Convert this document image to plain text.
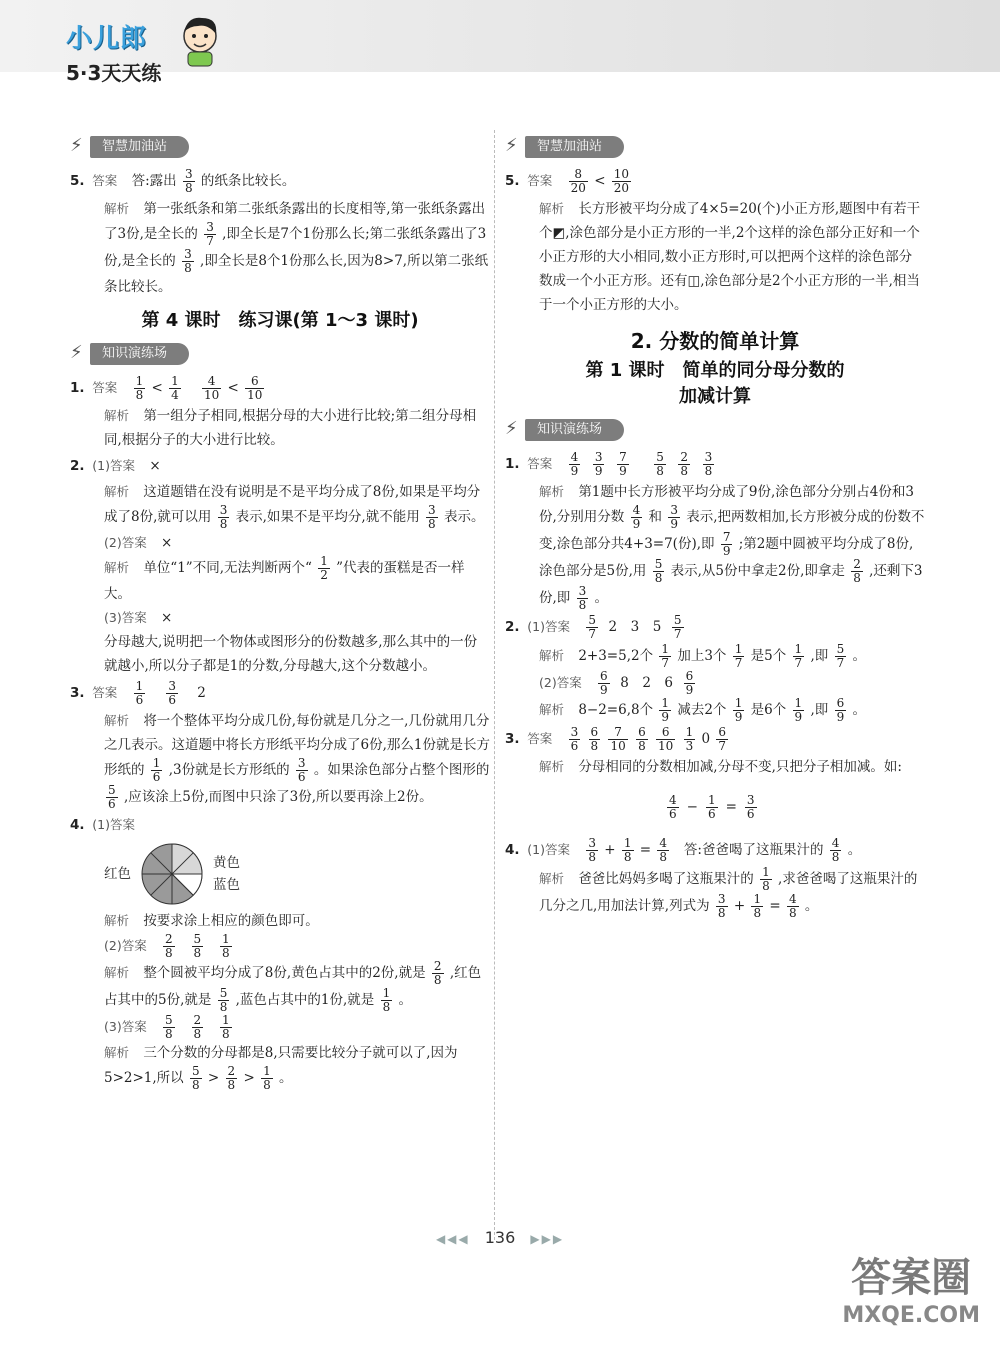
小儿郎
5·3天天练
⚡	智慧加油站
5. 答案 答:露出 $\frac{3}{8}$ 的纸条比较长。
解析 第一张纸条和第二张纸条露出的长度相等,第一张纸条露出了3份,是全长的 $\frac{3}{7}$ ,即全长是7个1份那么长;第二张纸条露出了3份,是全长的 $\frac{3}{8}$ ,即全长是8个1份那么长,因为8>7,所以第二张纸条比较长。
第 4 课时　练习课(第 1～3 课时)
⚡	知识演练场
1. 答案 $\frac{1}{8} < \frac{1}{4}$
$\frac{4}{10} < \frac{6}{10}$
解析 第一组分子相同,根据分母的大小进行比较;第二组分母相同,根据分子的大小进行比较。
2. (1)答案 ×
解析 这道题错在没有说明是不是平均分成了8份,如果是平均分成了8份,就可以用 $\frac{3}{8}$ 表示,如果不是平均分,就不能用 $\frac{3}{8}$ 表示。
(2)答案 ×
解析 单位“1”不同,无法判断两个“ $\frac{1}{2}$ ”代表的蛋糕是否一样大。
(3)答案 ×
分母越大,说明把一个物体或图形分的份数越多,那么其中的一份就越小,所以分子都是1的分数,分母越大,这个分数越小。
3. 答案 $\frac{1}{6}$
$\frac{3}{6} 2$
解析 将一个整体平均分成几份,每份就是几分之一,几份就用几分之几表示。这道题中将长方形纸平均分成了6份,那么1份就是长方形纸的 $\frac{1}{6} ,3$份就是长方形纸的 $\frac{3}{6}$ 。如果涂色部分占整个图形的
$\frac{5}{6}$ ,应该涂上5份,而图中只涂了3份,所以要再涂上2份。
4. (1)答案
红色
黄色
蓝色
解析 按要求涂上相应的颜色即可。
(2)答案 $\frac{2}{8}$
$\frac{5}{8}$
$\frac{1}{8}$
解析 整个圆被平均分成了8份,黄色占其中的2份,就是 $\frac{2}{8}$ ,红色占其中的5份,就是 $\frac{5}{8}$ ,蓝色占其中的1份,就是 $\frac{1}{8}$ 。
(3)答案 $\frac{5}{8}$
$\frac{2}{8}$
$\frac{1}{8}$
解析 三个分数的分母都是8,只需要比较分子就可以了,因为5>2>1,所以 $\frac{5}{8} > \frac{2}{8} > \frac{1}{8}$ 。
⚡	智慧加油站
5. 答案 $\frac{8}{20} < \frac{10}{20}$
解析 长方形被平均分成了4×5=20(个)小正方形,题图中有若干个◩,涂色部分是小正方形的一半,2个这样的涂色部分正好和一个小正方形的大小相同,数小正方形时,可以把两个这样的涂色部分数成一个小正方形。还有◫,涂色部分是2个小正方形的一半,相当于一个小正方形的大小。
2. 分数的简单计算
第 1 课时　简单的同分母分数的
加减计算
⚡	知识演练场
1. 答案 $\frac{4}{9}$
$\frac{3}{9}$
$\frac{7}{9}$
$\frac{5}{8}$
$\frac{2}{8}$
$\frac{3}{8}$
解析 第1题中长方形被平均分成了9份,涂色部分分别占4份和3份,分别用分数 $\frac{4}{9}$ 和 $\frac{3}{9}$ 表示,把两数相加,长方形被分成的份数不变,涂色部分共4+3=7(份),即 $\frac{7}{9}$ ;第2题中圆被平均分成了8份,涂色部分是5份,用 $\frac{5}{8}$ 表示,从5份中拿走2份,即拿走 $\frac{2}{8}$ ,还剩下3份,即 $\frac{3}{8}$ 。
2. (1)答案 $\frac{5}{7} 2$　3　$5 \frac{5}{7}$
解析 2+3=5,2个 $\frac{1}{7}$ 加上3个 $\frac{1}{7}$ 是5个 $\frac{1}{7}$ ,即 $\frac{5}{7}$ 。
(2)答案 $\frac{6}{9} 8$　2　$6 \frac{6}{9}$
解析 8−2=6,8个 $\frac{1}{9}$ 减去2个 $\frac{1}{9}$ 是6个 $\frac{1}{9}$ ,即 $\frac{6}{9}$ 。
3. 答案 $\frac{3}{6}$
$\frac{6}{8}$
$\frac{7}{10}$
$\frac{6}{8}$
$\frac{6}{10}$
$\frac{1}{3} 0 \frac{6}{7}$
解析 分母相同的分数相加减,分母不变,只把分子相加减。如:
$\frac{4}{6} - \frac{1}{6} = \frac{3}{6}$
4. (1)答案 $\frac{3}{8} + \frac{1}{8} = \frac{4}{8}$ 答:爸爸喝了这瓶果汁的 $\frac{4}{8}$ 。
解析 爸爸比妈妈多喝了这瓶果汁的 $\frac{1}{8}$ ,求爸爸喝了这瓶果汁的几分之几,用加法计算,列式为 $\frac{3}{8} + \frac{1}{8} = \frac{4}{8}$ 。
◀◀◀ 136 ▶▶▶
答案圈
MXQE.COM
